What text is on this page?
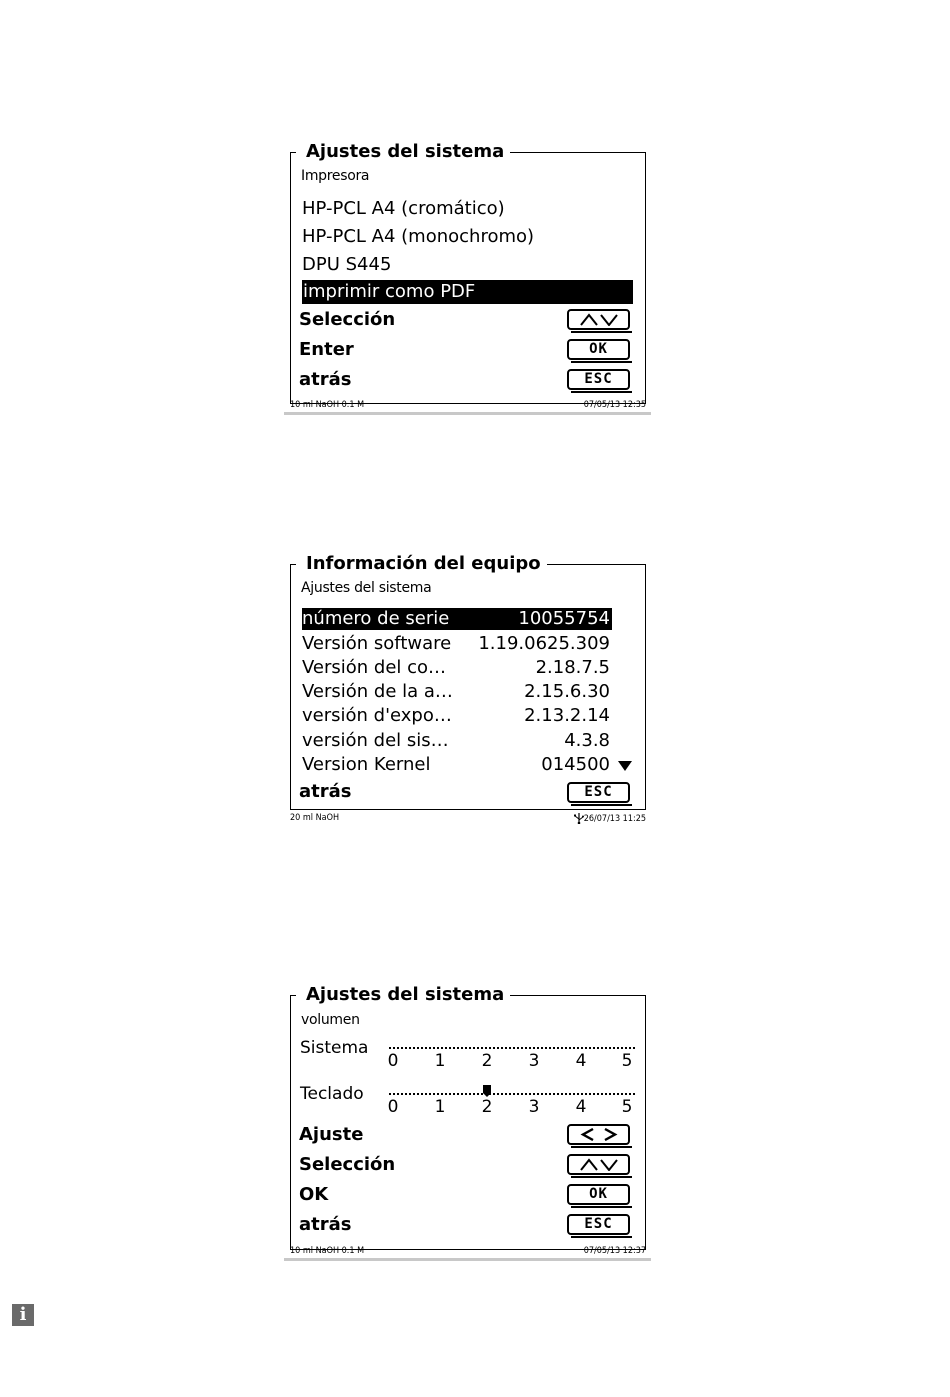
Ajustes del sistema
Impresora
HP-PCL A4 (cromático)
HP-PCL A4 (monochromo)
DPU S445
imprimir como PDF
Selección
Enter	OK
atrás	ESC
10 ml NaOH 0.1 M	07/05/13 12:35
Información del equipo
Ajustes del sistema
número de serie	10055754
Versión software 1.19.0625.309
Versión del co…	2.18.7.5
Versión de la a…	2.15.6.30
versión d'expo…	2.13.2.14
versión del sis…	4.3.8
Version Kernel	014500
atrás	ESC
20 ml NaOH	26/07/13 11:25
Ajustes del sistema
volumen
Sistema
0 1 2 3 4 5
Teclado
0 1 2 3 4 5
Ajuste
Selección
OK	OK
atrás	ESC
10 ml NaOH 0.1 M	07/05/13 12:37
i
